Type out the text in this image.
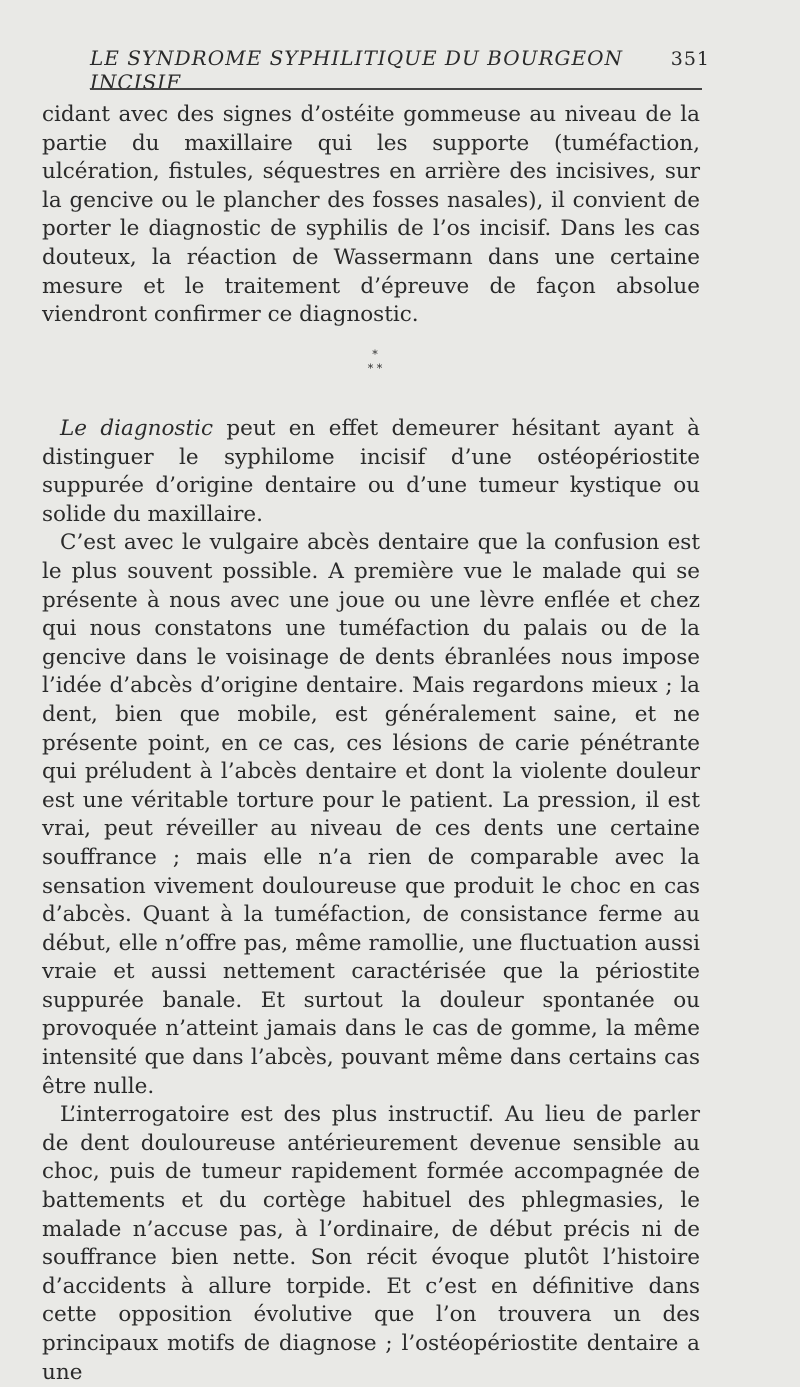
LE SYNDROME SYPHILITIQUE DU BOURGEON INCISIF
351

cidant avec des signes d’ostéite gommeuse au niveau de la partie du maxillaire qui les supporte (tuméfaction, ulcération, fistules, séquestres en arrière des incisives, sur la gencive ou le plancher des fosses nasales), il convient de porter le diagnostic de syphilis de l’os incisif. Dans les cas douteux, la réaction de Wassermann dans une certaine mesure et le traitement d’épreuve de façon absolue viendront confirmer ce diagnostic.

*
* *

Le diagnostic peut en effet demeurer hésitant ayant à distinguer le syphilome incisif d’une ostéopériostite suppurée d’origine dentaire ou d’une tumeur kystique ou solide du maxillaire.

C’est avec le vulgaire abcès dentaire que la confusion est le plus souvent possible. A première vue le malade qui se présente à nous avec une joue ou une lèvre enflée et chez qui nous constatons une tuméfaction du palais ou de la gencive dans le voisinage de dents ébranlées nous impose l’idée d’abcès d’origine dentaire. Mais regardons mieux ; la dent, bien que mobile, est généralement saine, et ne présente point, en ce cas, ces lésions de carie pénétrante qui préludent à l’abcès dentaire et dont la violente douleur est une véritable torture pour le patient. La pression, il est vrai, peut réveiller au niveau de ces dents une certaine souffrance ; mais elle n’a rien de comparable avec la sensation vivement douloureuse que produit le choc en cas d’abcès. Quant à la tuméfaction, de consistance ferme au début, elle n’offre pas, même ramollie, une fluctuation aussi vraie et aussi nettement caractérisée que la périostite suppurée banale. Et surtout la douleur spontanée ou provoquée n’atteint jamais dans le cas de gomme, la même intensité que dans l’abcès, pouvant même dans certains cas être nulle.

L’interrogatoire est des plus instructif. Au lieu de parler de dent douloureuse antérieurement devenue sensible au choc, puis de tumeur rapidement formée accompagnée de battements et du cortège habituel des phlegmasies, le malade n’accuse pas, à l’ordinaire, de début précis ni de souffrance bien nette. Son récit évoque plutôt l’histoire d’accidents à allure torpide. Et c’est en définitive dans cette opposition évolutive que l’on trouvera un des principaux motifs de diagnose ; l’ostéopériostite dentaire a une
